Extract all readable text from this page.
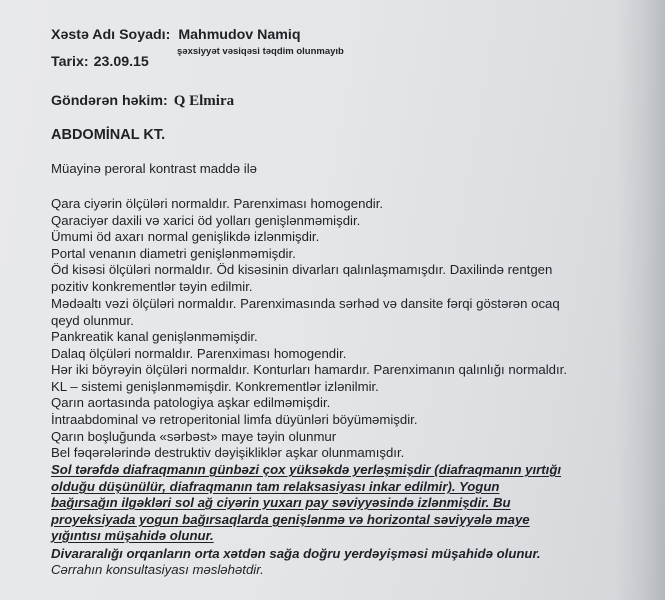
Xəstə Adı Soyadı: Mahmudov Namiq
şəxsiyyət vəsiqəsi təqdim olunmayıb
Tarix: 23.09.15
Göndərən həkim: Q Elmira
ABDOMİNAL KT.
Müayinə peroral kontrast maddə ilə
Qara ciyərin ölçüləri normaldır. Parenximası homogendir.
Qaraciyər daxili və xarici öd yolları genişlənməmişdir.
Ümumi öd axarı normal genişlikdə izlənmişdir.
Portal venanın diametri genişlənməmişdir.
Öd kisəsi ölçüləri normaldır. Öd kisəsinin divarları qalınlaşmamışdır. Daxilində rentgen
pozitiv konkrementlər təyin edilmir.
Mədəaltı vəzi ölçüləri normaldır. Parenximasında sərhəd və dansite fərqi göstərən ocaq
qeyd olunmur.
Pankreatik kanal genişlənməmişdir.
Dalaq ölçüləri normaldır. Parenximası homogendir.
Hər iki böyrəyin ölçüləri normaldır. Konturları hamardır. Parenximanın qalınlığı normaldır.
KL – sistemi genişlənməmişdir. Konkrementlər izlənilmir.
Qarın aortasında patologiya aşkar edilməmişdir.
İntraabdominal və retroperitonial limfa düyünləri böyüməmişdir.
Qarın boşluğunda «sərbəst» maye təyin olunmur
Bel fəqərələrində destruktiv dəyişikliklər aşkar olunmamışdır.
Sol tərəfdə diafraqmanın günbəzi çox yüksəkdə yerləşmişdir (diafraqmanın yırtığı
olduğu düşünülür, diafraqmanın tam relaksasiyası inkar edilmir). Yogun
bağırsağın ilgəkləri sol ağ ciyərin yuxarı pay səviyyəsində izlənmişdir. Bu
proyeksiyada yogun bağırsaqlarda genişlənmə və horizontal səviyyələ maye
yığıntısı müşahidə olunur.
Divararalığı orqanların orta xətdən sağa doğru yerdəyişməsi müşahidə olunur.
Cərrahın konsultasiyası məsləhətdir.
